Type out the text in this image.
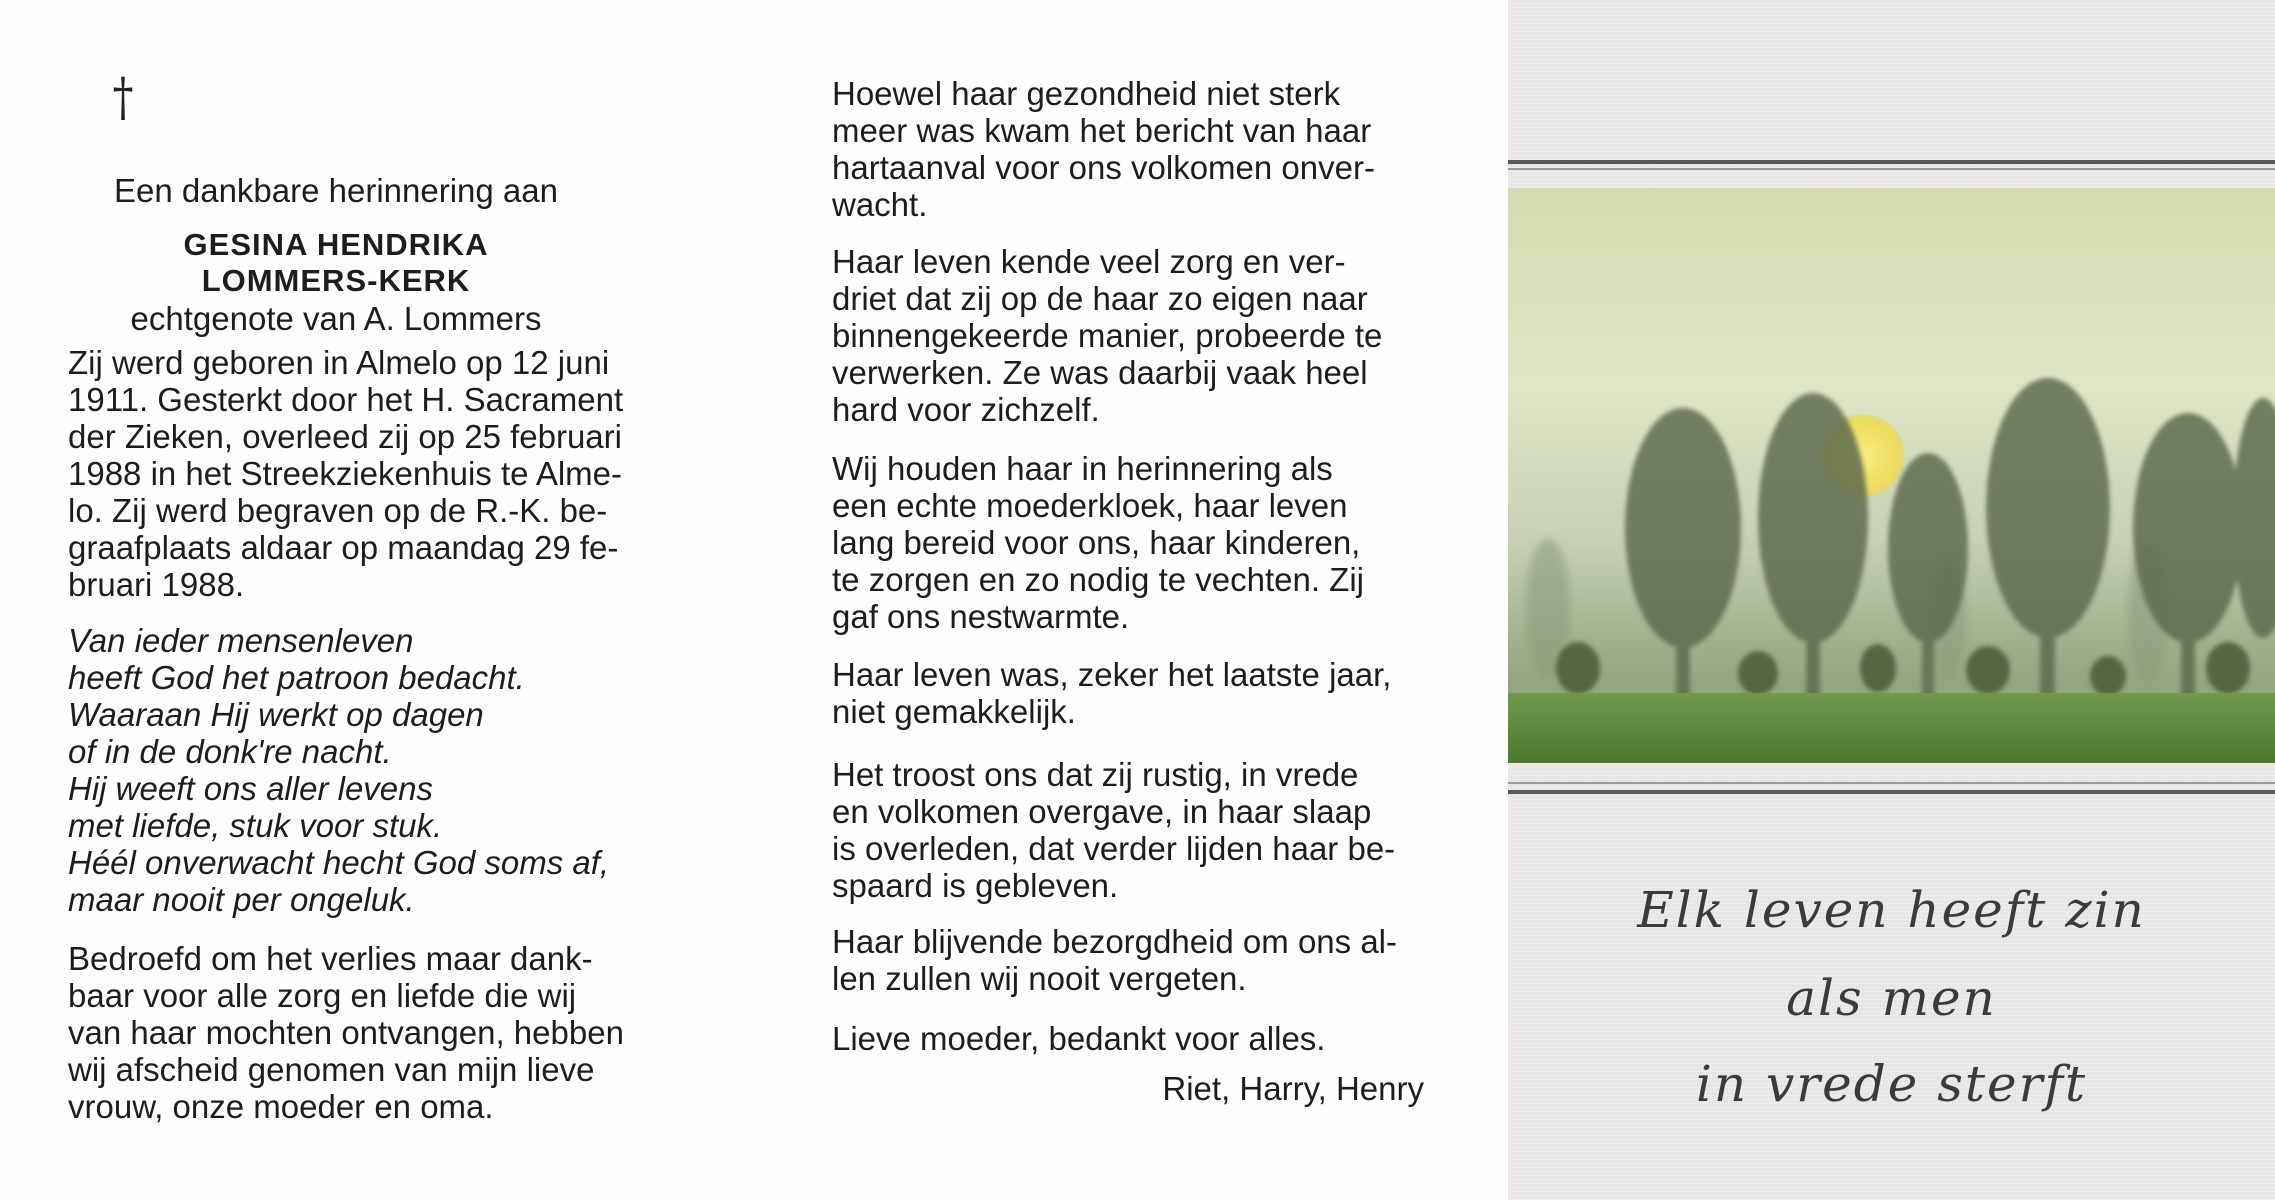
†
Een dankbare herinnering aan
GESINA HENDRIKA
LOMMERS-KERK
echtgenote van A. Lommers
Zij werd geboren in Almelo op 12 juni
1911. Gesterkt door het H. Sacrament
der Zieken, overleed zij op 25 februari
1988 in het Streekziekenhuis te Alme-
lo. Zij werd begraven op de R.-K. be-
graafplaats aldaar op maandag 29 fe-
bruari 1988.
Van ieder mensenleven
heeft God het patroon bedacht.
Waaraan Hij werkt op dagen
of in de donk're nacht.
Hij weeft ons aller levens
met liefde, stuk voor stuk.
Héél onverwacht hecht God soms af,
maar nooit per ongeluk.
Bedroefd om het verlies maar dank-
baar voor alle zorg en liefde die wij
van haar mochten ontvangen, hebben
wij afscheid genomen van mijn lieve
vrouw, onze moeder en oma.
Hoewel haar gezondheid niet sterk
meer was kwam het bericht van haar
hartaanval voor ons volkomen onver-
wacht.
Haar leven kende veel zorg en ver-
driet dat zij op de haar zo eigen naar
binnengekeerde manier, probeerde te
verwerken. Ze was daarbij vaak heel
hard voor zichzelf.
Wij houden haar in herinnering als
een echte moederkloek, haar leven
lang bereid voor ons, haar kinderen,
te zorgen en zo nodig te vechten. Zij
gaf ons nestwarmte.
Haar leven was, zeker het laatste jaar,
niet gemakkelijk.
Het troost ons dat zij rustig, in vrede
en volkomen overgave, in haar slaap
is overleden, dat verder lijden haar be-
spaard is gebleven.
Haar blijvende bezorgdheid om ons al-
len zullen wij nooit vergeten.
Lieve moeder, bedankt voor alles.
Riet, Harry, Henry
Elk leven heeft zin
als men
in vrede sterft
